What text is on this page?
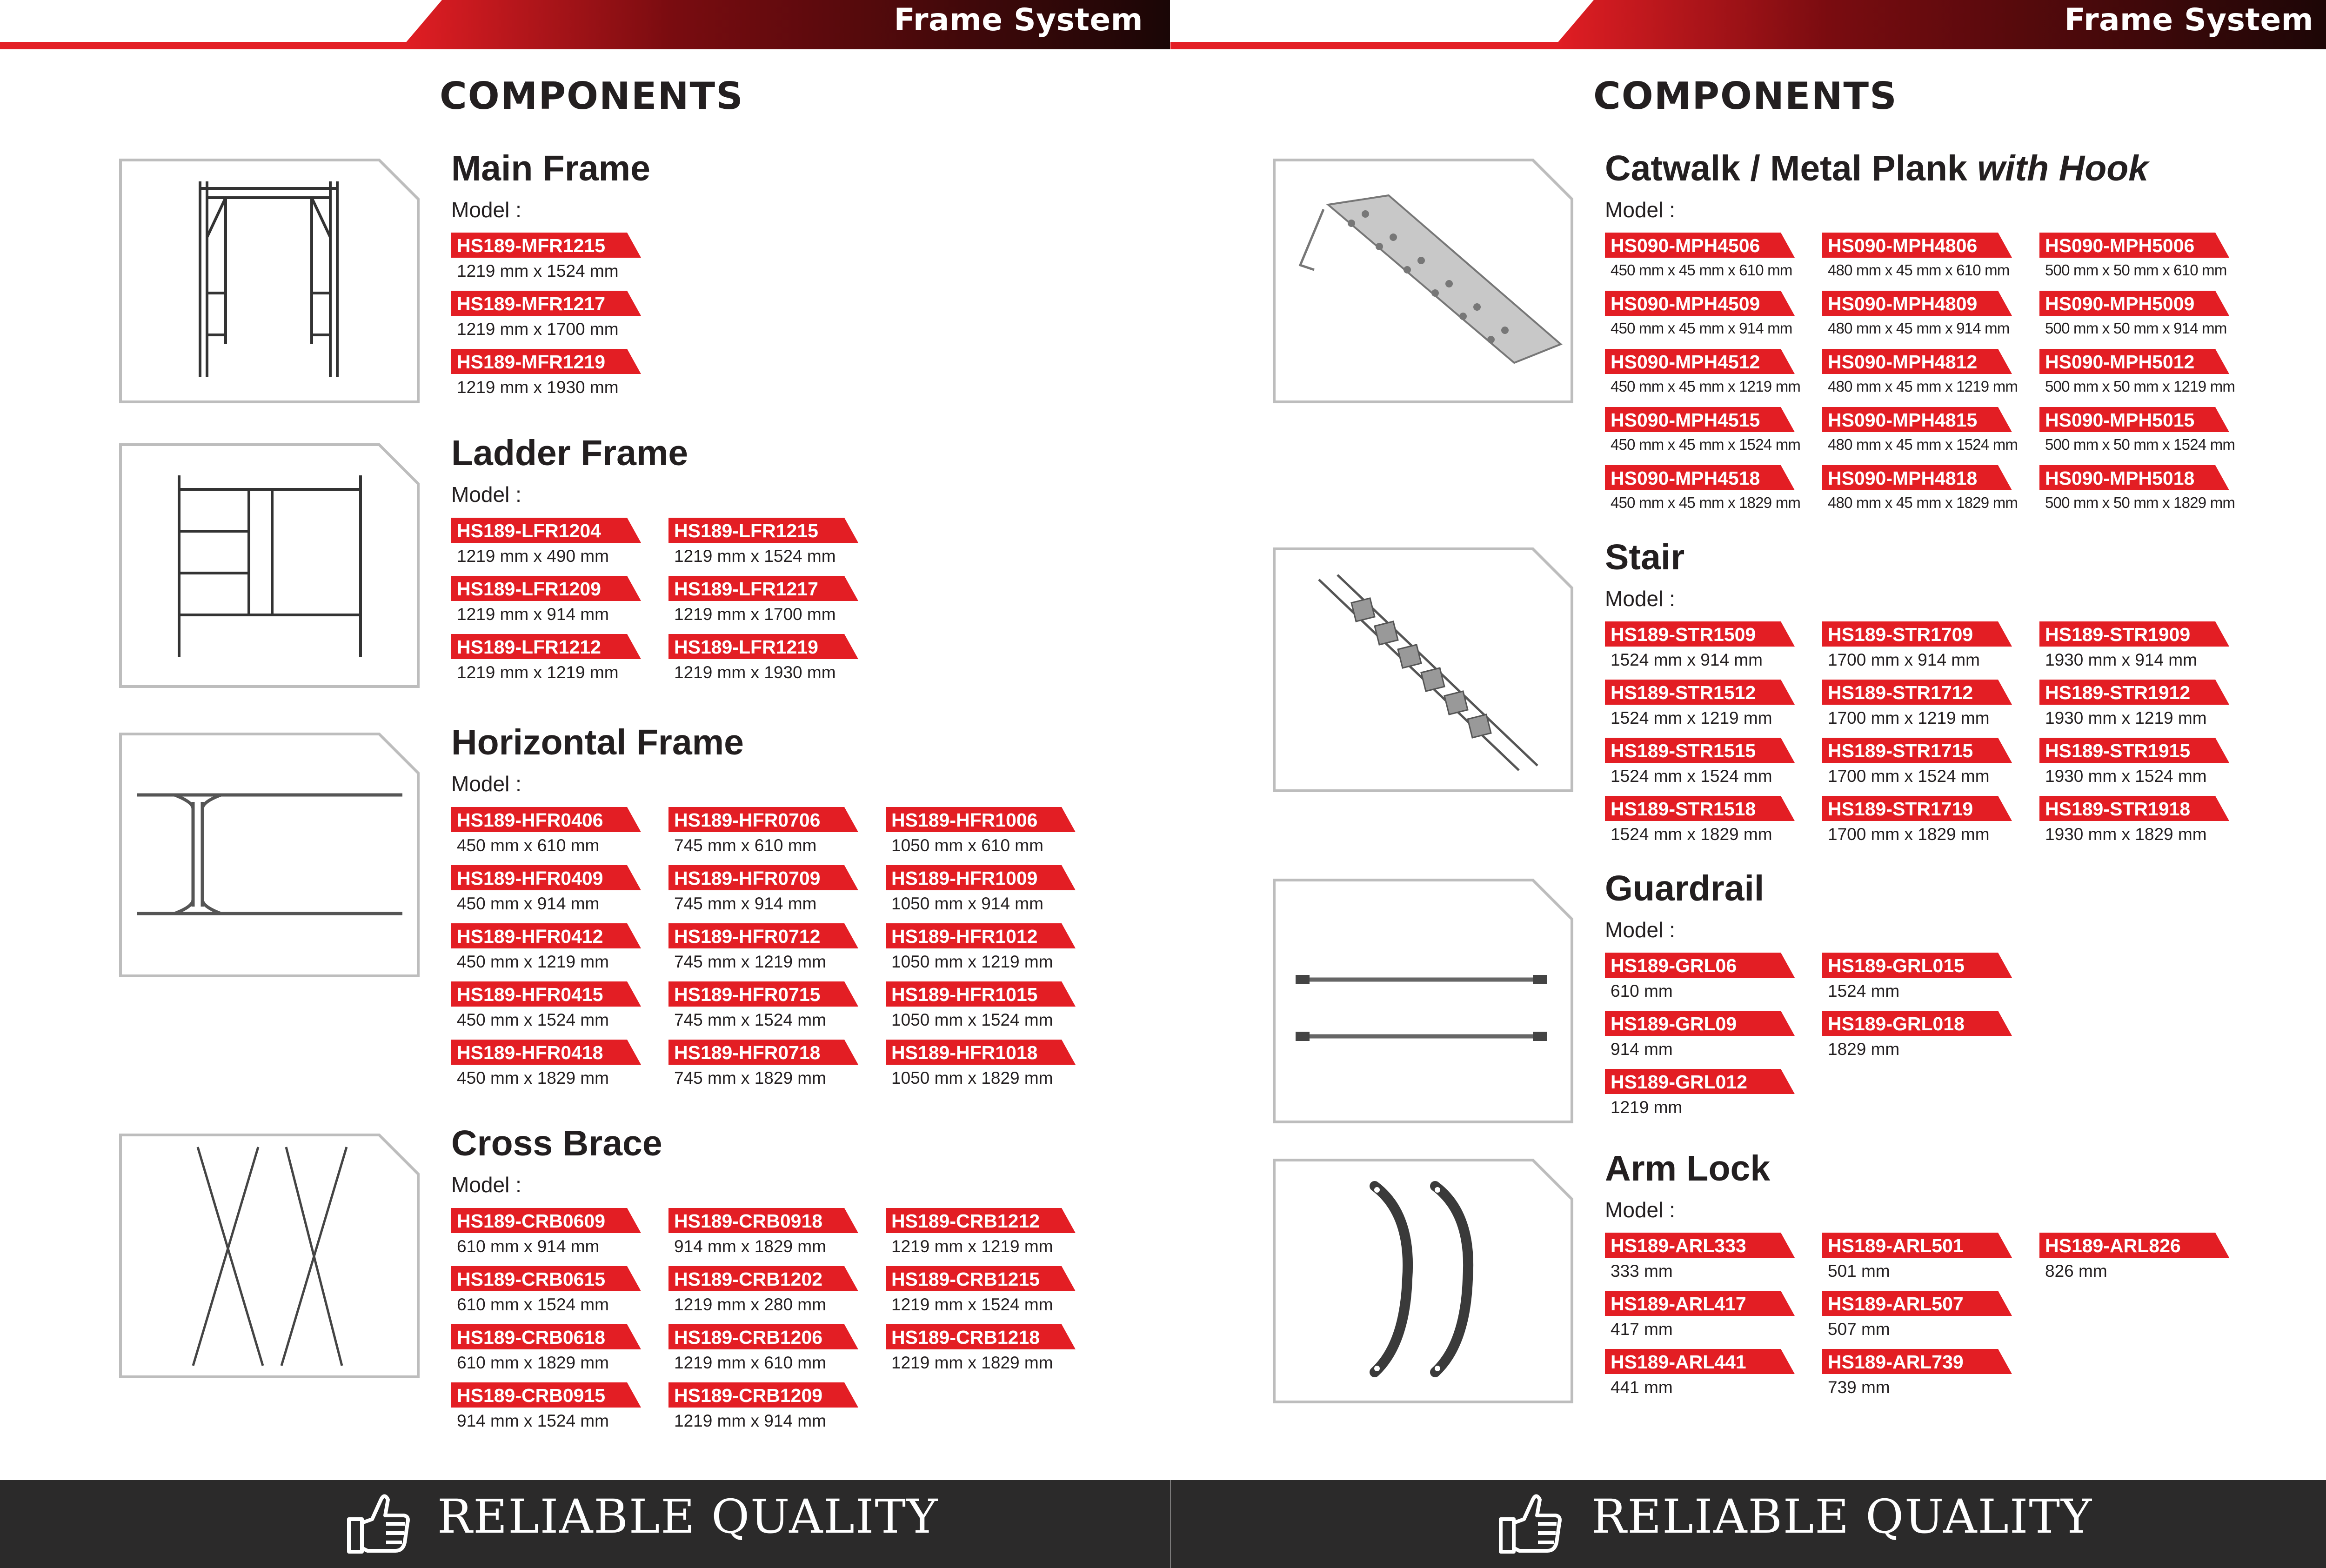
Frame System
COMPONENTS
Main Frame
Model :
HS189-MFR1215
1219 mm x 1524 mm
HS189-MFR1217
1219 mm x 1700 mm
HS189-MFR1219
1219 mm x 1930 mm
Ladder Frame
Model :
HS189-LFR1204
1219 mm x 490 mm
HS189-LFR1209
1219 mm x 914 mm
HS189-LFR1212
1219 mm x 1219 mm
HS189-LFR1215
1219 mm x 1524 mm
HS189-LFR1217
1219 mm x 1700 mm
HS189-LFR1219
1219 mm x 1930 mm
Horizontal Frame
Model :
HS189-HFR0406
450 mm x 610 mm
HS189-HFR0409
450 mm x 914 mm
HS189-HFR0412
450 mm x 1219 mm
HS189-HFR0415
450 mm x 1524 mm
HS189-HFR0418
450 mm x 1829 mm
HS189-HFR0706
745 mm x 610 mm
HS189-HFR0709
745 mm x 914 mm
HS189-HFR0712
745 mm x 1219 mm
HS189-HFR0715
745 mm x 1524 mm
HS189-HFR0718
745 mm x 1829 mm
HS189-HFR1006
1050 mm x 610 mm
HS189-HFR1009
1050 mm x 914 mm
HS189-HFR1012
1050 mm x 1219 mm
HS189-HFR1015
1050 mm x 1524 mm
HS189-HFR1018
1050 mm x 1829 mm
Cross Brace
Model :
HS189-CRB0609
610 mm x 914 mm
HS189-CRB0615
610 mm x 1524 mm
HS189-CRB0618
610 mm x 1829 mm
HS189-CRB0915
914 mm x 1524 mm
HS189-CRB0918
914 mm x 1829 mm
HS189-CRB1202
1219 mm x 280 mm
HS189-CRB1206
1219 mm x 610 mm
HS189-CRB1209
1219 mm x 914 mm
HS189-CRB1212
1219 mm x 1219 mm
HS189-CRB1215
1219 mm x 1524 mm
HS189-CRB1218
1219 mm x 1829 mm
RELIABLE QUALITY
Frame System
COMPONENTS
Catwalk / Metal Plank with Hook
Model :
HS090-MPH4506
450 mm x 45 mm x 610 mm
HS090-MPH4509
450 mm x 45 mm x 914 mm
HS090-MPH4512
450 mm x 45 mm x 1219 mm
HS090-MPH4515
450 mm x 45 mm x 1524 mm
HS090-MPH4518
450 mm x 45 mm x 1829 mm
HS090-MPH4806
480 mm x 45 mm x 610 mm
HS090-MPH4809
480 mm x 45 mm x 914 mm
HS090-MPH4812
480 mm x 45 mm x 1219 mm
HS090-MPH4815
480 mm x 45 mm x 1524 mm
HS090-MPH4818
480 mm x 45 mm x 1829 mm
HS090-MPH5006
500 mm x 50 mm x 610 mm
HS090-MPH5009
500 mm x 50 mm x 914 mm
HS090-MPH5012
500 mm x 50 mm x 1219 mm
HS090-MPH5015
500 mm x 50 mm x 1524 mm
HS090-MPH5018
500 mm x 50 mm x 1829 mm
Stair
Model :
HS189-STR1509
1524 mm x 914 mm
HS189-STR1512
1524 mm x 1219 mm
HS189-STR1515
1524 mm x 1524 mm
HS189-STR1518
1524 mm x 1829 mm
HS189-STR1709
1700 mm x 914 mm
HS189-STR1712
1700 mm x 1219 mm
HS189-STR1715
1700 mm x 1524 mm
HS189-STR1719
1700 mm x 1829 mm
HS189-STR1909
1930 mm x 914 mm
HS189-STR1912
1930 mm x 1219 mm
HS189-STR1915
1930 mm x 1524 mm
HS189-STR1918
1930 mm x 1829 mm
Guardrail
Model :
HS189-GRL06
610 mm
HS189-GRL09
914 mm
HS189-GRL012
1219 mm
HS189-GRL015
1524 mm
HS189-GRL018
1829 mm
Arm Lock
Model :
HS189-ARL333
333 mm
HS189-ARL417
417 mm
HS189-ARL441
441 mm
HS189-ARL501
501 mm
HS189-ARL507
507 mm
HS189-ARL739
739 mm
HS189-ARL826
826 mm
RELIABLE QUALITY
